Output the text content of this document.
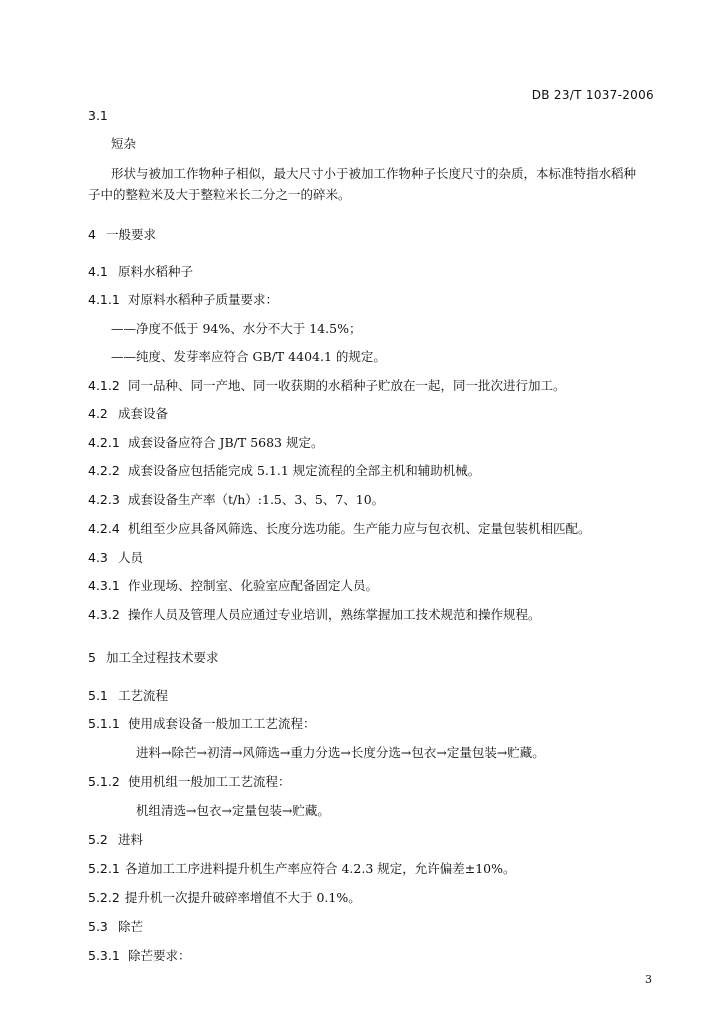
DB 23/T 1037-2006
3.1
短杂
形状与被加工作物种子相似，最大尺寸小于被加工作物种子长度尺寸的杂质，本标准特指水稻种
子中的整粒米及大于整粒米长二分之一的碎米。
4 一般要求
4.1 原料水稻种子
4.1.1 对原料水稻种子质量要求：
——净度不低于 94%、水分不大于 14.5%；
——纯度、发芽率应符合 GB/T 4404.1 的规定。
4.1.2 同一品种、同一产地、同一收获期的水稻种子贮放在一起，同一批次进行加工。
4.2 成套设备
4.2.1 成套设备应符合 JB/T 5683 规定。
4.2.2 成套设备应包括能完成 5.1.1 规定流程的全部主机和辅助机械。
4.2.3 成套设备生产率（t/h）:1.5、3、5、7、10。
4.2.4 机组至少应具备风筛选、长度分选功能。生产能力应与包衣机、定量包装机相匹配。
4.3 人员
4.3.1 作业现场、控制室、化验室应配备固定人员。
4.3.2 操作人员及管理人员应通过专业培训，熟练掌握加工技术规范和操作规程。
5 加工全过程技术要求
5.1 工艺流程
5.1.1 使用成套设备一般加工工艺流程：
进料→除芒→初清→风筛选→重力分选→长度分选→包衣→定量包装→贮藏。
5.1.2 使用机组一般加工工艺流程：
机组清选→包衣→定量包装→贮藏。
5.2 进料
5.2.1 各道加工工序进料提升机生产率应符合 4.2.3 规定，允许偏差±10%。
5.2.2 提升机一次提升破碎率增值不大于 0.1%。
5.3 除芒
5.3.1 除芒要求：
3
